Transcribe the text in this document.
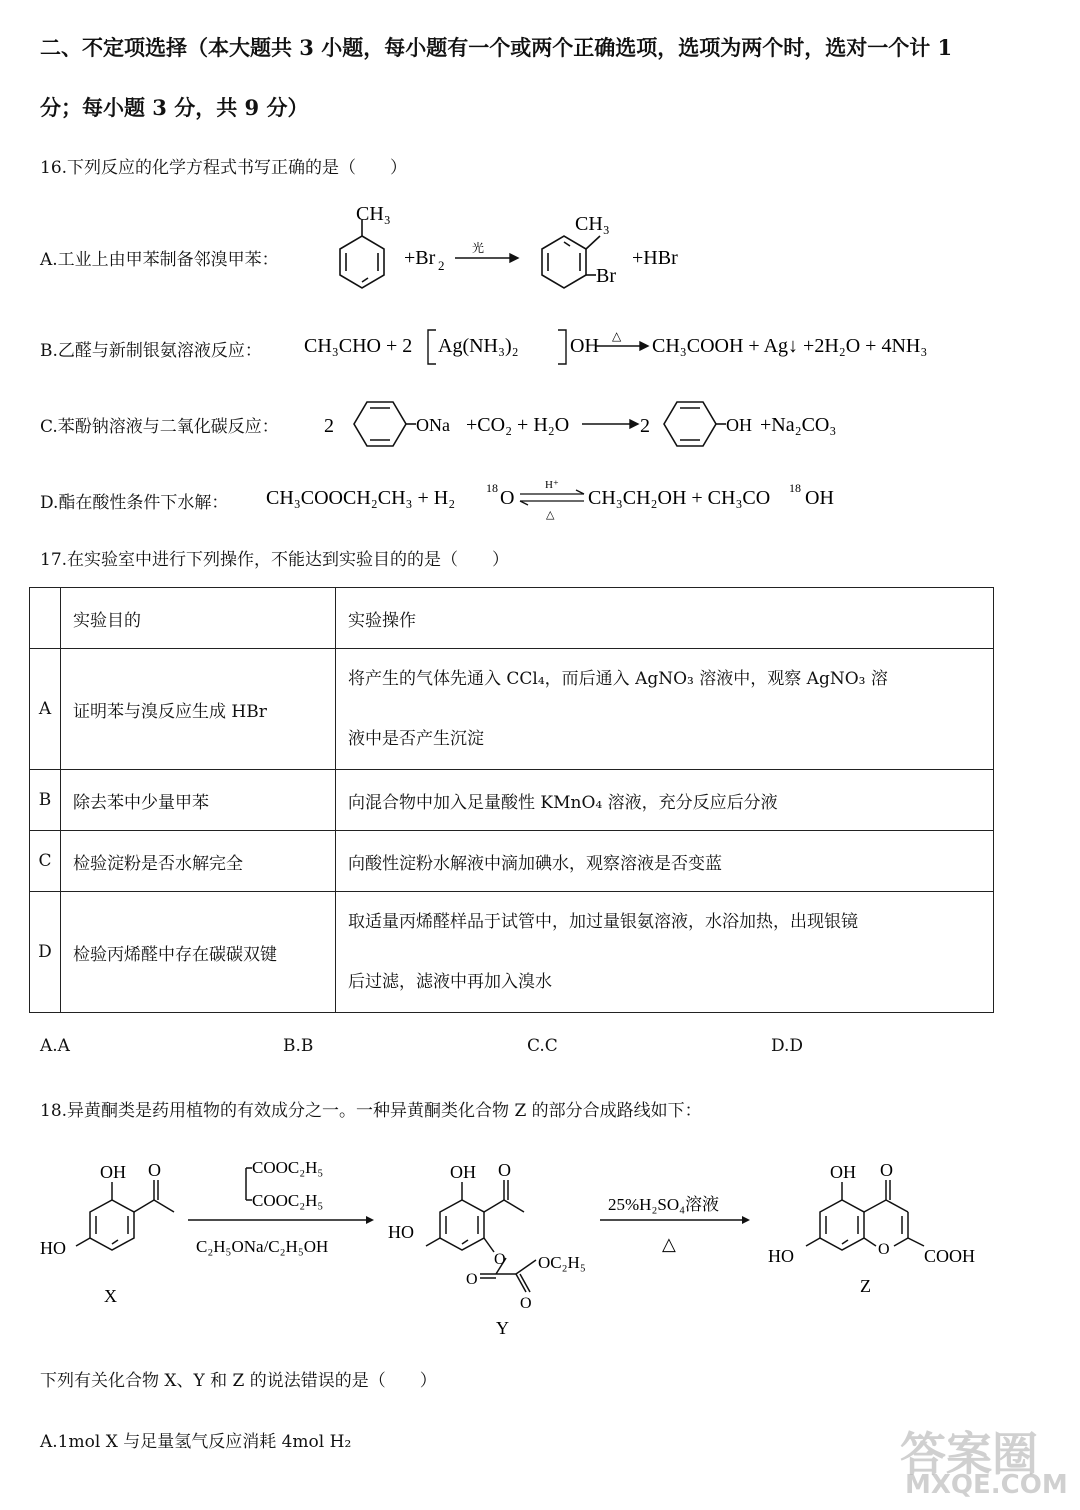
二、不定项选择（本大题共 3 小题，每小题有一个或两个正确选项，选项为两个时，选对一个计 1
分；每小题 3 分，共 9 分）
16.下列反应的化学方程式书写正确的是（　　）
A.工业上由甲苯制备邻溴甲苯：
CH₃
+Br 2
光
CH₃
Br
+HBr
B.乙醛与新制银氨溶液反应： CH₃CHO + 2 Ag(NH₃)₂	OH △ CH₃COOH + Ag↓ +2H₂O + 4NH₃
C.苯酚钠溶液与二氧化碳反应： 2	ONa +CO₂ + H₂O	2	OH +Na₂CO₃
D.酯在酸性条件下水解： CH₃COOCH₂CH₃ + H₂	18 O
H⁺
△
CH₃CH₂OH + CH₃CO 18 OH
17.在实验室中进行下列操作，不能达到实验目的的是（　　）
	实验目的	实验操作
A	证明苯与溴反应生成 HBr	将产生的气体先通入 CCl₄，而后通入 AgNO₃ 溶液中，观察 AgNO₃ 溶
液中是否产生沉淀

B	除去苯中少量甲苯	向混合物中加入足量酸性 KMnO₄ 溶液，充分反应后分液
C	检验淀粉是否水解完全	向酸性淀粉水解液中滴加碘水，观察溶液是否变蓝
D	检验丙烯醛中存在碳碳双键	取适量丙烯醛样品于试管中，加过量银氨溶液，水浴加热，出现银镜
后过滤，滤液中再加入溴水
A.A	B.B	C.C	D.D
18.异黄酮类是药用植物的有效成分之一。一种异黄酮类化合物 Z 的部分合成路线如下：
OH O
HO
X
COOC₂H₅
COOC₂H₅
C₂H₅ONa/C₂H₅OH
OH O
HO
O
O
OC₂H₅
O
Y
25%H₂SO₄溶液
△
OH O
HO	O COOH
Z
下列有关化合物 X、Y 和 Z 的说法错误的是（　　）
A.1mol X 与足量氢气反应消耗 4mol H₂	答案圈
MXQE.COM
